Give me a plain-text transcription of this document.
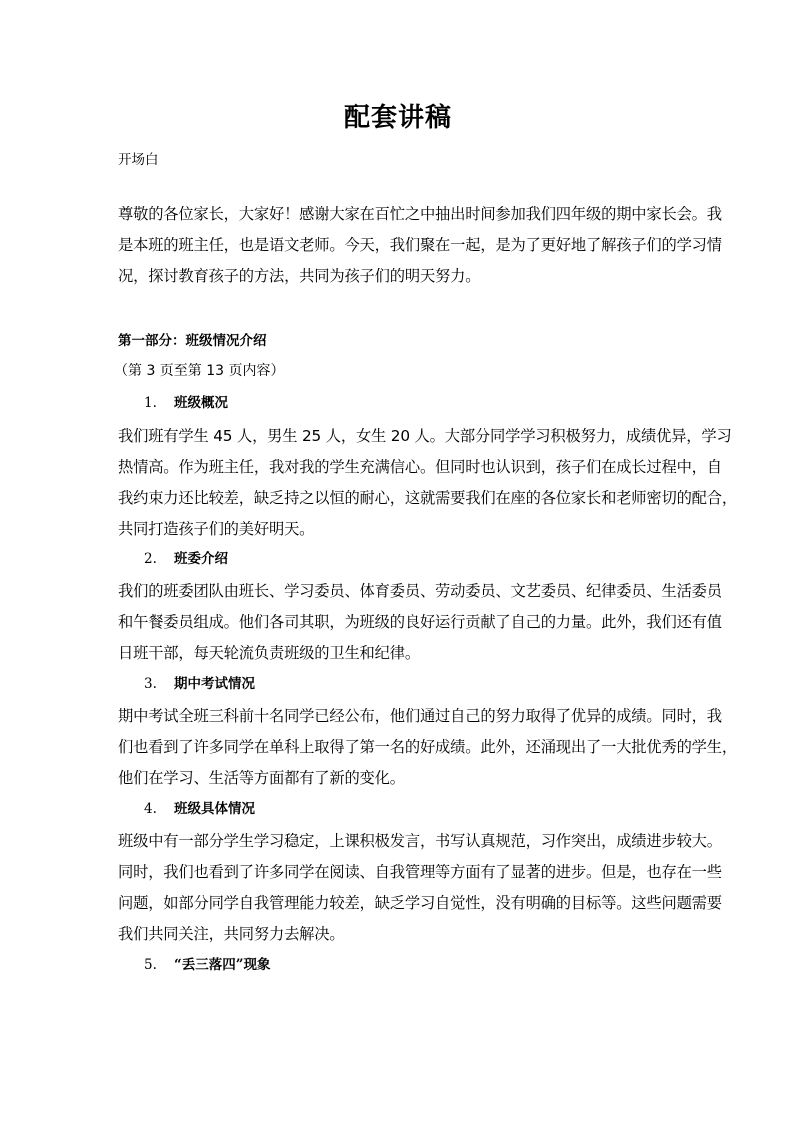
配套讲稿
开场白
尊敬的各位家长，大家好！感谢大家在百忙之中抽出时间参加我们四年级的期中家长会。我
是本班的班主任，也是语文老师。今天，我们聚在一起，是为了更好地了解孩子们的学习情
况，探讨教育孩子的方法，共同为孩子们的明天努力。
第一部分：班级情况介绍
（第 3 页至第 13 页内容）
1. 班级概况
我们班有学生 45 人，男生 25 人，女生 20 人。大部分同学学习积极努力，成绩优异，学习
热情高。作为班主任，我对我的学生充满信心。但同时也认识到，孩子们在成长过程中，自
我约束力还比较差，缺乏持之以恒的耐心，这就需要我们在座的各位家长和老师密切的配合，
共同打造孩子们的美好明天。
2. 班委介绍
我们的班委团队由班长、学习委员、体育委员、劳动委员、文艺委员、纪律委员、生活委员
和午餐委员组成。他们各司其职，为班级的良好运行贡献了自己的力量。此外，我们还有值
日班干部，每天轮流负责班级的卫生和纪律。
3. 期中考试情况
期中考试全班三科前十名同学已经公布，他们通过自己的努力取得了优异的成绩。同时，我
们也看到了许多同学在单科上取得了第一名的好成绩。此外，还涌现出了一大批优秀的学生，
他们在学习、生活等方面都有了新的变化。
4. 班级具体情况
班级中有一部分学生学习稳定，上课积极发言，书写认真规范，习作突出，成绩进步较大。
同时，我们也看到了许多同学在阅读、自我管理等方面有了显著的进步。但是，也存在一些
问题，如部分同学自我管理能力较差，缺乏学习自觉性，没有明确的目标等。这些问题需要
我们共同关注，共同努力去解决。
5. “丢三落四”现象
